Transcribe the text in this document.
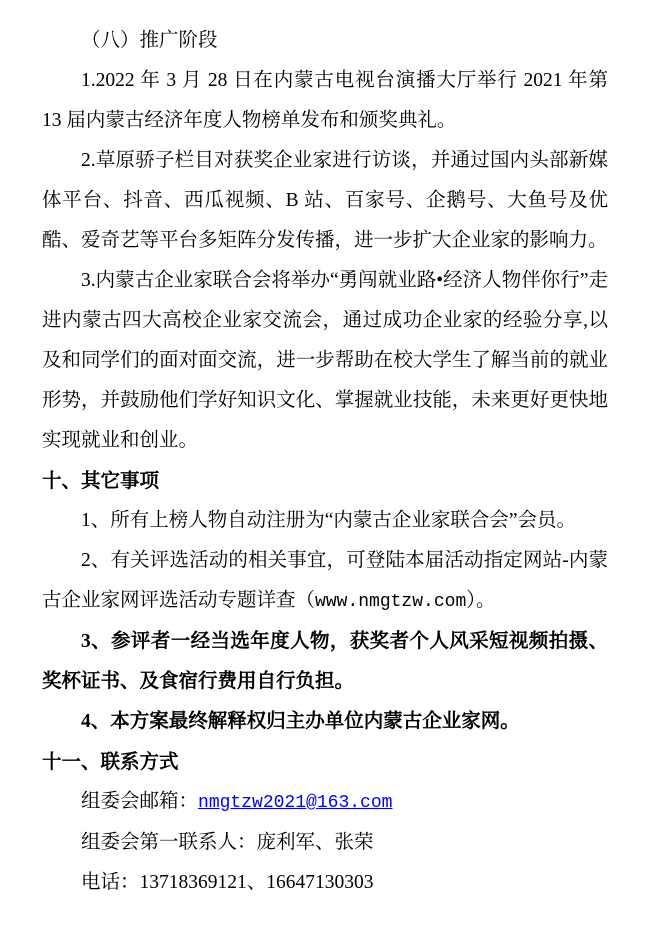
（八）推广阶段

1.2022 年 3 月 28 日在内蒙古电视台演播大厅举行 2021 年第 13 届内蒙古经济年度人物榜单发布和颁奖典礼。

2.草原骄子栏目对获奖企业家进行访谈，并通过国内头部新媒体平台、抖音、西瓜视频、B 站、百家号、企鹅号、大鱼号及优酷、爱奇艺等平台多矩阵分发传播，进一步扩大企业家的影响力。

3.内蒙古企业家联合会将举办“勇闯就业路•经济人物伴你行”走进内蒙古四大高校企业家交流会，通过成功企业家的经验分享,以及和同学们的面对面交流，进一步帮助在校大学生了解当前的就业形势，并鼓励他们学好知识文化、掌握就业技能，未来更好更快地实现就业和创业。

十、其它事项

1、所有上榜人物自动注册为“内蒙古企业家联合会”会员。

2、有关评选活动的相关事宜，可登陆本届活动指定网站-内蒙古企业家网评选活动专题详查（www.nmgtzw.com）。

3、参评者一经当选年度人物，获奖者个人风采短视频拍摄、奖杯证书、及食宿行费用自行负担。

4、本方案最终解释权归主办单位内蒙古企业家网。

十一、联系方式

组委会邮箱：nmgtzw2021@163.com

组委会第一联系人：庞利军、张荣

电话：13718369121、16647130303
